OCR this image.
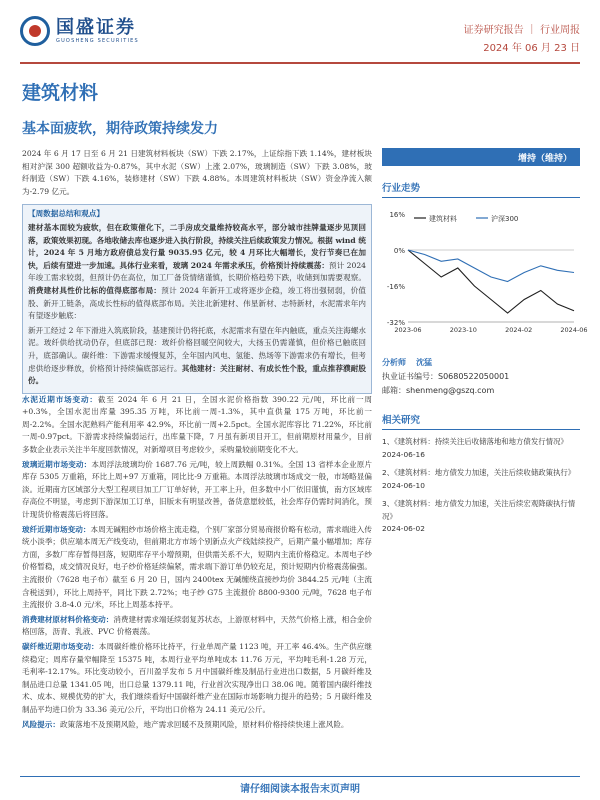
国盛证券
GUOSHENG SECURITIES
证券研究报告 ｜ 行业周报
2024 年 06 月 23 日
建筑材料
基本面疲软，期待政策持续发力

2024 年 6 月 17 日至 6 月 21 日建筑材料板块（SW）下跌 2.17%，上证综指下跌 1.14%，建材板块相对沪深 300 超额收益为-0.87%，其中水泥（SW）上涨 2.07%，玻璃制造（SW）下跌 3.08%，玻纤制造（SW）下跌 4.16%，装修建材（SW）下跌 4.88%。本周建筑材料板块（SW）资金净流入额为-2.79 亿元。

【周数据总结和观点】

建材基本面较为疲软，但在政策催化下，二手房成交量维持较高水平，部分城市挂牌量逐步见顶回落，政策效果初现。各地收储去库也逐步进入执行阶段，持续关注后续政策发力情况。根据 wind 统计，2024 年 5 月地方政府债总发行量 9035.95 亿元，较 4 月环比大幅增长，发行节奏已在加快，后续有望进一步加速。具体行业来看，玻璃 2024 年需求承压，价格预计持续震荡：预计 2024 年竣工需求较弱，但预计仍在高位，加工厂备货情绪谨慎，长期价格趋势下跌，收储到加需要观察。消费建材具性价比标的值得底部布局：预计 2024 年新开工或将逐步企稳，竣工将出强韧弱，价值股、新开工链条，高成长性标的值得底部布局。关注北新建材、伟星新材、志特新材，水泥需求年内有望逐步触底：

新开工经过 2 年下滑进入筑底阶段，基建预计仍将托底，水泥需求有望在年内触底，重点关注海螺水泥。玻纤供给扰动仍存，但底部已现：玻纤价格回暖空间较大，大扬玉仍需谨慎，但价格已触底回升，底部确认。碳纤维：下游需求缓慢复苏，全年国内风电、氢能、热场等下游需求仍有增长，但考虑供给逐步释放，价格预计持续偏底部运行。其他建材：关注耐材、有成长性个股，重点推荐濮耐股份。

水泥近期市场变动：截至 2024 年 6 月 21 日，全国水泥价格指数 390.22 元/吨，环比前一周+0.3%，全国水泥出库量 395.35 万吨，环比前一周-1.3%，其中直供量 175 万吨，环比前一周-2.2%。全国水泥熟料产能利用率 42.9%，环比前一周+2.5pct。全国水泥库容比 71.22%，环比前一周-0.97pct。下游需求持续偏弱运行，出库量下降，7 月虽有新项目开工，但前期原材用量少，目前多数企业表示关注半年度回款情况，对新增项目考虑较少，采购量较前期变化不大。

玻璃近期市场变动：本周浮法玻璃均价 1687.76 元/吨，较上周跌幅 0.31%。全国 13 省样本企业原片库存 5305 万重箱，环比上周+97 万重箱，同比比-9 万重箱。本周浮法玻璃市场成交一般，市场略显偏淡。近期南方区域部分大型工程项目加工厂订单好转，开工率上升，但多数中小厂依旧谨慎，南方区域库存高位不明显，考虑到下游深加工订单，旧版未有明显改善，备货意愿较低，社会库存仍需时间消化，预计现货价格震荡后将回落。

玻纤近期市场变动：本周无碱粗纱市场价格主流走稳，个别厂家部分贸易商报价略有松动，需求端进入传统小淡季；供应端本周无产线变动，但前期北方市场个别新点火产线陆续投产，后期产量小幅增加；库存方面，多数厂库存暂得回落，短期库存平小增预期，但供需关系不大，短期内主流价格稳定。本周电子纱价格暂稳，成交情况良好，电子纱价格延续偏紧，需求端下游订单仍较充足，预计短期内价格震荡偏强。主流报价（7628 电子布）截至 6 月 20 日，国内 2400tex 无碱缠绕直接纱均价 3844.25 元/吨（主流含税送到），环比上周持平，同比下跌 2.72%；电子纱 G75 主流报价 8800-9300 元/吨，7628 电子布主流报价 3.8-4.0 元/米，环比上周基本持平。

消费建材原材料价格变动：消费建材需求端延续弱复苏状态，上游原材料中，天然气价格上涨，相合金价格回落，沥青、乳液、PVC 价格震荡。

碳纤维近期市场变动：本周碳纤维价格环比持平，行业单周产量 1123 吨，开工率 46.4%。生产供应继续稳定；周库存量窄幅降至 15375 吨，本周行业平均单吨成本 11.76 万元，平均吨毛利-1.28 万元，毛利率-12.17%。环比变动较小，百川盈孚发布 5 月中国碳纤维及制品行业进出口数据，5 月碳纤维及制品进口总量 1341.05 吨，出口总量 1379.11 吨，行业首次实现净出口 38.06 吨。随着国内碳纤维技术、成本、规模优势的扩大，我们继续看好中国碳纤维产业在国际市场影响力提升的趋势；5 月碳纤维及制品平均进口价为 33.36 美元/公斤，平均出口价格为 24.11 美元/公斤。

风险提示：政策落地不及预期风险，地产需求回暖不及预期风险，原材料价格持续快速上涨风险。

增持（维持）
行业走势
16%
0%
-16%
-32%
2023-06	2023-10	2024-02	2024-06
建筑材料	沪深300
分析师 沈猛
执业证书编号：S0680522050001
邮箱：shenmeng@gszq.com
相关研究
1、《建筑材料：持续关注后收储落地和地方债发行情况》
2024-06-16
2、《建筑材料：地方债发力加速，关注后续收储政策执行》
2024-06-10
3、《建筑材料：地方债发力加速，关注后续宏观降碳执行情况》
2024-06-02
请仔细阅读本报告末页声明
